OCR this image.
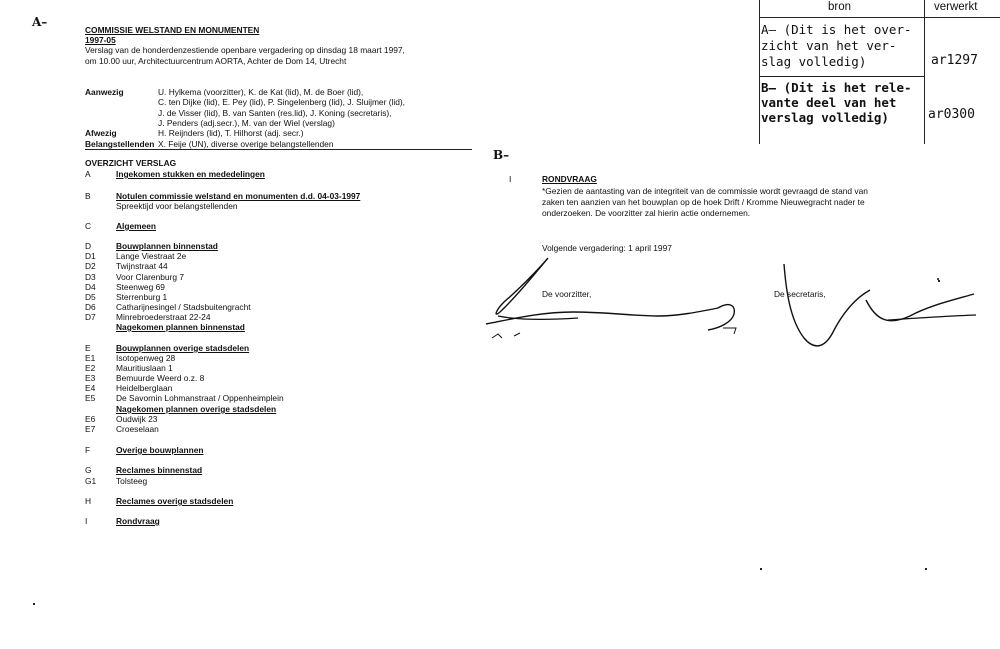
A–
B–
COMMISSIE WELSTAND EN MONUMENTEN
1997-05
Verslag van de honderdenzestiende openbare vergadering op dinsdag 18 maart 1997,
om 10.00 uur, Architectuurcentrum AORTA, Achter de Dom 14, Utrecht
Aanwezig	U. Hylkema (voorzitter), K. de Kat (lid), M. de Boer (lid),
C. ten Dijke (lid), E. Pey (lid), P. Singelenberg (lid), J. Sluijmer (lid),
J. de Visser (lid), B. van Santen (res.lid), J. Koning (secretaris),
J. Penders (adj.secr.), M. van der Wiel (verslag)
Afwezig	H. Reijnders (lid), T. Hilhorst (adj. secr.)
Belangstellenden X. Feije (UN), diverse overige belangstellenden
OVERZICHT VERSLAG
A	Ingekomen stukken en mededelingen
B	Notulen commissie welstand en monumenten d.d. 04-03-1997
Spreektijd voor belangstellenden
C	Algemeen
D	Bouwplannen binnenstad
D1 Lange Viestraat 2e
D2 Twijnstraat 44
D3 Voor Clarenburg 7
D4 Steenweg 69
D5 Sterrenburg 1
D6 Catharijnesingel / Stadsbuitengracht
D7 Minrebroederstraat 22-24
Nagekomen plannen binnenstad
E	Bouwplannen overige stadsdelen
E1 Isotopenweg 28
E2 Mauritiuslaan 1
E3 Bemuurde Weerd o.z. 8
E4 Heidelberglaan
E5 De Savornin Lohmanstraat / Oppenheimplein
Nagekomen plannen overige stadsdelen
E6 Oudwijk 23
E7 Croeselaan
F	Overige bouwplannen
G	Reclames binnenstad
G1 Tolsteeg
H	Reclames overige stadsdelen
I	Rondvraag
I	RONDVRAAG
*Gezien de aantasting van de integriteit van de commissie wordt gevraagd de stand van
zaken ten aanzien van het bouwplan op de hoek Drift / Kromme Nieuwegracht nader te
onderzoeken. De voorzitter zal hierin actie ondernemen.
Volgende vergadering: 1 april 1997
De voorzitter,	De secretaris,
bron	verwerkt
A– (Dit is het over-
zicht van het ver-
slag volledig)	ar1297
B– (Dit is het rele-
vante deel van het
verslag volledig)	ar0300
